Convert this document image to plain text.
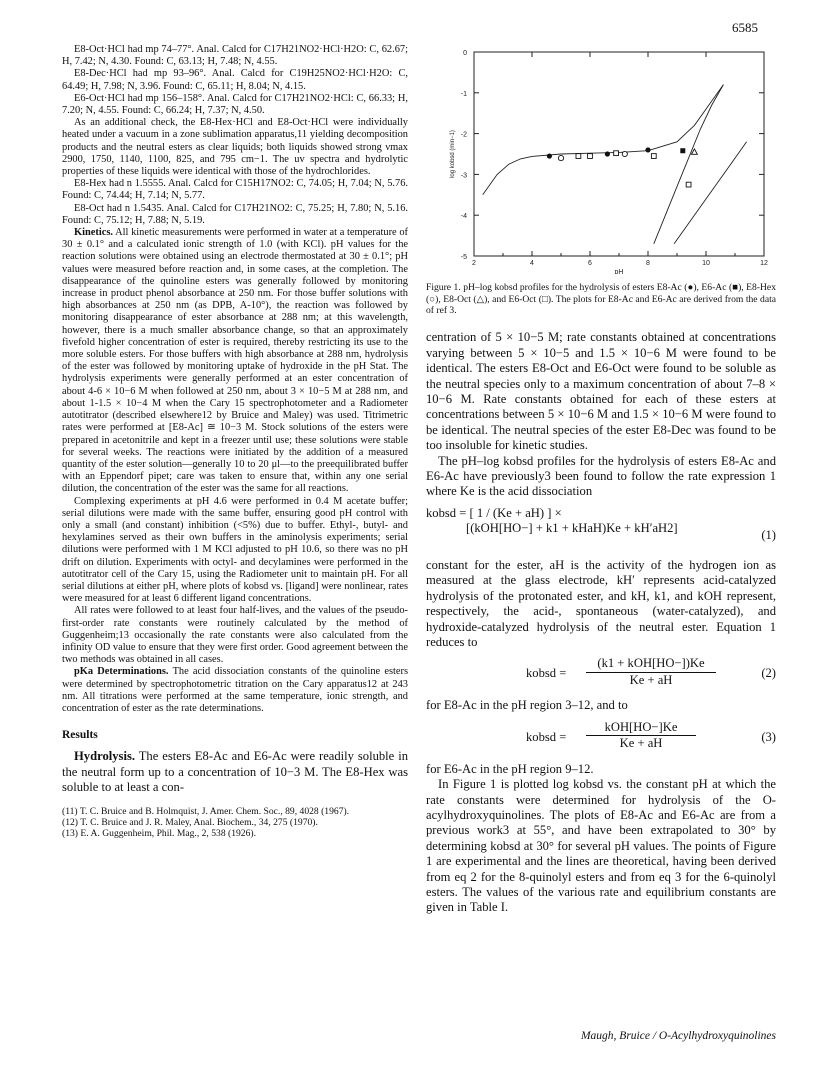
6585

E8-Oct·HCl had mp 74–77°. Anal. Calcd for C17H21NO2·HCl·H2O: C, 62.67; H, 7.42; N, 4.30. Found: C, 63.13; H, 7.48; N, 4.55.

E8-Dec·HCl had mp 93–96°. Anal. Calcd for C19H25NO2·HCl·H2O: C, 64.49; H, 7.98; N, 3.96. Found: C, 65.11; H, 8.04; N, 4.15.

E6-Oct·HCl had mp 156–158°. Anal. Calcd for C17H21NO2·HCl: C, 66.33; H, 7.20; N, 4.55. Found: C, 66.24; H, 7.37; N, 4.50.

As an additional check, the E8-Hex·HCl and E8-Oct·HCl were individually heated under a vacuum in a zone sublimation apparatus,11 yielding decomposition products and the neutral esters as clear liquids; both liquids showed strong νmax 2900, 1750, 1140, 1100, 825, and 795 cm−1. The uv spectra and hydrolytic properties of these liquids were identical with those of the hydrochlorides.

E8-Hex had n 1.5555. Anal. Calcd for C15H17NO2: C, 74.05; H, 7.04; N, 5.76. Found: C, 74.44; H, 7.14; N, 5.77.

E8-Oct had n 1.5435. Anal. Calcd for C17H21NO2: C, 75.25; H, 7.80; N, 5.16. Found: C, 75.12; H, 7.88; N, 5.19.

Kinetics. All kinetic measurements were performed in water at a temperature of 30 ± 0.1° and a calculated ionic strength of 1.0 (with KCl). pH values for the reaction solutions were obtained using an electrode thermostated at 30 ± 0.1°; pH values were measured before reaction and, in some cases, at the completion. The disappearance of the quinoline esters was generally followed by monitoring increase in product phenol absorbance at 250 nm. For those buffer solutions with high absorbances at 250 nm (as DPB, A-10°), the reaction was followed by monitoring disappearance of ester absorbance at 288 nm; at this wavelength, however, there is a much smaller absorbance change, so that an approximately fivefold higher concentration of ester is required, thereby restricting its use to the more soluble esters. For those buffers with high absorbance at 288 nm, hydrolysis of the ester was followed by monitoring uptake of hydroxide in the pH Stat. The hydrolysis experiments were generally performed at an ester concentration of about 4-6 × 10−6 M when followed at 250 nm, about 3 × 10−5 M at 288 nm, and about 1-1.5 × 10−4 M when the Cary 15 spectrophotometer and a Radiometer autotitrator (described elsewhere12 by Bruice and Maley) was used. Titrimetric rates were performed at [E8-Ac] ≅ 10−3 M. Stock solutions of the esters were prepared in acetonitrile and kept in a freezer until use; these solutions were stable for several weeks. The reactions were initiated by the addition of a measured quantity of the ester solution—generally 10 to 20 μl—to the preequilibrated buffer with an Eppendorf pipet; care was taken to ensure that, within any one serial dilution, the concentration of the ester was the same for all reactions.

Complexing experiments at pH 4.6 were performed in 0.4 M acetate buffer; serial dilutions were made with the same buffer, ensuring good pH control with only a small (and constant) inhibition (<5%) due to buffer. Ethyl-, butyl- and hexylamines served as their own buffers in the aminolysis experiments; serial dilutions were performed with 1 M KCl adjusted to pH 10.6, so there was no pH drift on dilution. Experiments with octyl- and decylamines were performed in the autotitrator cell of the Cary 15, using the Radiometer unit to maintain pH. For all serial dilutions at either pH, where plots of kobsd vs. [ligand] were nonlinear, rates were measured for at least 6 different ligand concentrations.

All rates were followed to at least four half-lives, and the values of the pseudo-first-order rate constants were routinely calculated by the method of Guggenheim;13 occasionally the rate constants were also calculated from the infinity OD value to ensure that they were first order. Good agreement between the two methods was obtained in all cases.

pKa Determinations. The acid dissociation constants of the quinoline esters were determined by spectrophotometric titration on the Cary apparatus12 at 243 nm. All titrations were performed at the same temperature, ionic strength, and concentration of ester as the rate determinations.

Results

Hydrolysis. The esters E8-Ac and E6-Ac were readily soluble in the neutral form up to a concentration of 10−3 M. The E8-Hex was soluble to at least a con-

(11) T. C. Bruice and B. Holmquist, J. Amer. Chem. Soc., 89, 4028 (1967).
(12) T. C. Bruice and J. R. Maley, Anal. Biochem., 34, 275 (1970).
(13) E. A. Guggenheim, Phil. Mag., 2, 538 (1926).
0
-1
-2
-3
-4
-5
2	4	6	8	10	12
pH
log kobsd (min−1)
Figure 1. pH–log kobsd profiles for the hydrolysis of esters E8-Ac (●), E6-Ac (■), E8-Hex (○), E8-Oct (△), and E6-Oct (□). The plots for E8-Ac and E6-Ac are derived from the data of ref 3.

centration of 5 × 10−5 M; rate constants obtained at concentrations varying between 5 × 10−5 and 1.5 × 10−6 M were found to be identical. The esters E8-Oct and E6-Oct were found to be soluble as the neutral species only to a maximum concentration of about 7–8 × 10−6 M. Rate constants obtained for each of these esters at concentrations between 5 × 10−6 M and 1.5 × 10−6 M were found to be identical. The neutral species of the ester E8-Dec was found to be too insoluble for kinetic studies.

The pH–log kobsd profiles for the hydrolysis of esters E8-Ac and E6-Ac have previously3 been found to follow the rate expression 1 where Ke is the acid dissociation

kobsd = [ 1 / (Ke + aH) ] ×
[(kOH[HO−] + k1 + kHaH)Ke + kH′aH2]	(1)

constant for the ester, aH is the activity of the hydrogen ion as measured at the glass electrode, kH′ represents acid-catalyzed hydrolysis of the protonated ester, and kH, k1, and kOH represent, respectively, the acid-, spontaneous (water-catalyzed), and hydroxide-catalyzed hydrolysis of the neutral ester. Equation 1 reduces to

kobsd =
(k1 + kOH[HO−])Ke
Ke + aH	(2)

for E8-Ac in the pH region 3–12, and to

kobsd =
kOH[HO−]Ke
Ke + aH	(3)

for E6-Ac in the pH region 9–12.

In Figure 1 is plotted log kobsd vs. the constant pH at which the rate constants were determined for hydrolysis of the O-acylhydroxyquinolines. The plots of E8-Ac and E6-Ac are from a previous work3 at 55°, and have been extrapolated to 30° by determining kobsd at 30° for several pH values. The points of Figure 1 are experimental and the lines are theoretical, having been derived from eq 2 for the 8-quinolyl esters and from eq 3 for the 6-quinolyl esters. The values of the various rate and equilibrium constants are given in Table I.

Maugh, Bruice / O-Acylhydroxyquinolines
